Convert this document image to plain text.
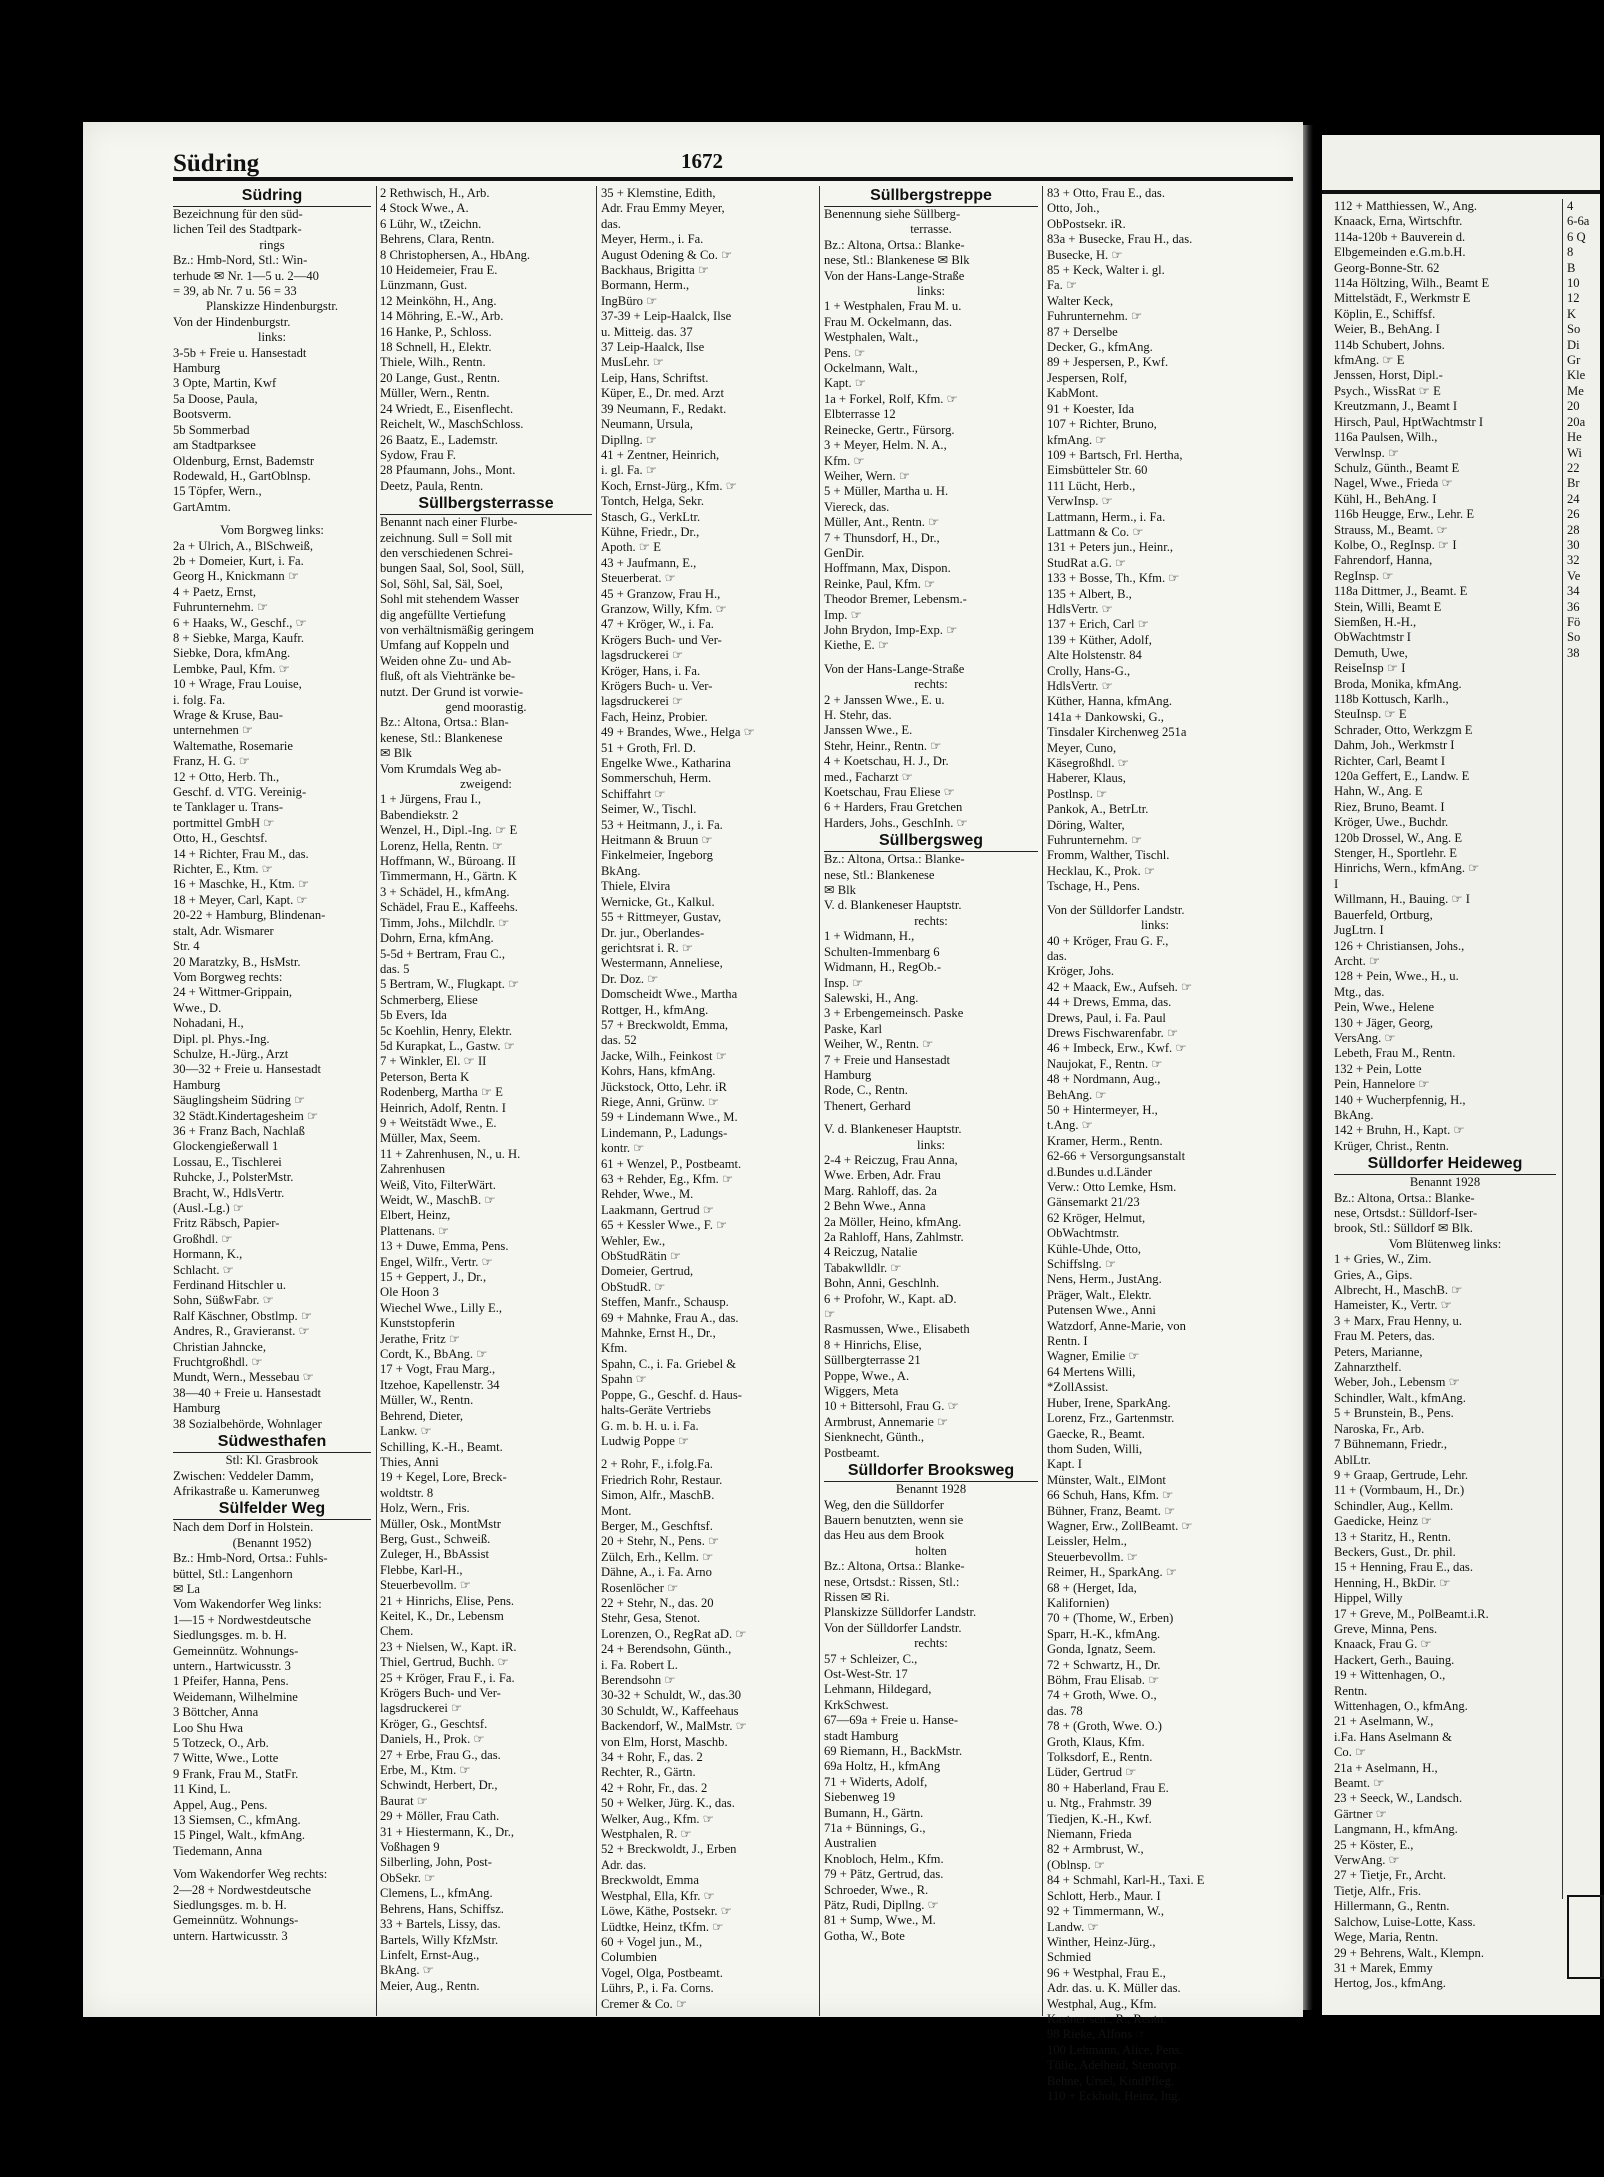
Südring	1672

Südring

Bezeichnung für den süd-

lichen Teil des Stadtpark-

rings

Bz.: Hmb-Nord, Stl.: Win-

terhude ✉ Nr. 1—5 u. 2—40

= 39, ab Nr. 7 u. 56 = 33

Planskizze Hindenburgstr.

Von der Hindenburgstr.

links:

3-5b + Freie u. Hansestadt

Hamburg

3 Opte, Martin, Kwf

5a Doose, Paula,

Bootsverm.

5b Sommerbad

am Stadtparksee

Oldenburg, Ernst, Bademstr

Rodewald, H., GartOblnsp.

15 Töpfer, Wern.,

GartAmtm.

Vom Borgweg links:

2a + Ulrich, A., BlSchweiß,

2b + Domeier, Kurt, i. Fa.

Georg H., Knickmann ☞

4 + Paetz, Ernst,

Fuhrunternehm. ☞

6 + Haaks, W., Geschf., ☞

8 + Siebke, Marga, Kaufr.

Siebke, Dora, kfmAng.

Lembke, Paul, Kfm. ☞

10 + Wrage, Frau Louise,

i. folg. Fa.

Wrage & Kruse, Bau-

unternehmen ☞

Waltemathe, Rosemarie

Franz, H. G. ☞

12 + Otto, Herb. Th.,

Geschf. d. VTG. Vereinig-

te Tanklager u. Trans-

portmittel GmbH ☞

Otto, H., Geschtsf.

14 + Richter, Frau M., das.

Richter, E., Ktm. ☞

16 + Maschke, H., Ktm. ☞

18 + Meyer, Carl, Kapt. ☞

20-22 + Hamburg, Blindenan-

stalt, Adr. Wismarer

Str. 4

20 Maratzky, B., HsMstr.

Vom Borgweg rechts:

24 + Wittmer-Grippain,

Wwe., D.

Nohadani, H.,

Dipl. pl. Phys.-Ing.

Schulze, H.-Jürg., Arzt

30—32 + Freie u. Hansestadt

Hamburg

Säuglingsheim Südring ☞

32 Städt.Kindertagesheim ☞

36 + Franz Bach, Nachlaß

Glockengießerwall 1

Lossau, E., Tischlerei

Ruhcke, J., PolsterMstr.

Bracht, W., HdlsVertr.

(Ausl.-Lg.) ☞

Fritz Räbsch, Papier-

Großhdl. ☞

Hormann, K.,

Schlacht. ☞

Ferdinand Hitschler u.

Sohn, SüßwFabr. ☞

Ralf Käschner, Obstlmp. ☞

Andres, R., Gravieranst. ☞

Christian Jahncke,

Fruchtgroßhdl. ☞

Mundt, Wern., Messebau ☞

38—40 + Freie u. Hansestadt

Hamburg

38 Sozialbehörde, Wohnlager

Südwesthafen

Stl: Kl. Grasbrook

Zwischen: Veddeler Damm,

Afrikastraße u. Kamerunweg

Sülfelder Weg

Nach dem Dorf in Holstein.

(Benannt 1952)

Bz.: Hmb-Nord, Ortsa.: Fuhls-

büttel, Stl.: Langenhorn

✉ La

Vom Wakendorfer Weg links:

1—15 + Nordwestdeutsche

Siedlungsges. m. b. H.

Gemeinnütz. Wohnungs-

untern., Hartwicusstr. 3

1 Pfeifer, Hanna, Pens.

Weidemann, Wilhelmine

3 Böttcher, Anna

Loo Shu Hwa

5 Totzeck, O., Arb.

7 Witte, Wwe., Lotte

9 Frank, Frau M., StatFr.

11 Kind, L.

Appel, Aug., Pens.

13 Siemsen, C., kfmAng.

15 Pingel, Walt., kfmAng.

Tiedemann, Anna

Vom Wakendorfer Weg rechts:

2—28 + Nordwestdeutsche

Siedlungsges. m. b. H.

Gemeinnütz. Wohnungs-

untern. Hartwicusstr. 3

2 Rethwisch, H., Arb.

4 Stock Wwe., A.

6 Lühr, W., tZeichn.

Behrens, Clara, Rentn.

8 Christophersen, A., HbAng.

10 Heidemeier, Frau E.

Lünzmann, Gust.

12 Meinköhn, H., Ang.

14 Möhring, E.-W., Arb.

16 Hanke, P., Schloss.

18 Schnell, H., Elektr.

Thiele, Wilh., Rentn.

20 Lange, Gust., Rentn.

Müller, Wern., Rentn.

24 Wriedt, E., Eisenflecht.

Reichelt, W., MaschSchloss.

26 Baatz, E., Lademstr.

Sydow, Frau F.

28 Pfaumann, Johs., Mont.

Deetz, Paula, Rentn.

Süllbergsterrasse

Benannt nach einer Flurbe-

zeichnung. Sull = Soll mit

den verschiedenen Schrei-

bungen Saal, Sol, Sool, Süll,

Sol, Söhl, Sal, Säl, Soel,

Sohl mit stehendem Wasser

dig angefüllte Vertiefung

von verhältnismäßig geringem

Umfang auf Koppeln und

Weiden ohne Zu- und Ab-

fluß, oft als Viehtränke be-

nutzt. Der Grund ist vorwie-

gend moorastig.

Bz.: Altona, Ortsa.: Blan-

kenese, Stl.: Blankenese

✉ Blk

Vom Krumdals Weg ab-

zweigend:

1 + Jürgens, Frau I.,

Babendiekstr. 2

Wenzel, H., Dipl.-Ing. ☞ E

Lorenz, Hella, Rentn. ☞

Hoffmann, W., Büroang. II

Timmermann, H., Gärtn. K

3 + Schädel, H., kfmAng.

Schädel, Frau E., Kaffeehs.

Timm, Johs., Milchdlr. ☞

Dohrn, Erna, kfmAng.

5-5d + Bertram, Frau C.,

das. 5

5 Bertram, W., Flugkapt. ☞

Schmerberg, Eliese

5b Evers, Ida

5c Koehlin, Henry, Elektr.

5d Kurapkat, L., Gastw. ☞

7 + Winkler, El. ☞ II

Peterson, Berta K

Rodenberg, Martha ☞ E

Heinrich, Adolf, Rentn. I

9 + Weitstädt Wwe., E.

Müller, Max, Seem.

11 + Zahrenhusen, N., u. H.

Zahrenhusen

Weiß, Vito, FilterWärt.

Weidt, W., MaschB. ☞

Elbert, Heinz,

Plattenans. ☞

13 + Duwe, Emma, Pens.

Engel, Wilfr., Vertr. ☞

15 + Geppert, J., Dr.,

Ole Hoon 3

Wiechel Wwe., Lilly E.,

Kunststopferin

Jerathe, Fritz ☞

Cordt, K., BbAng. ☞

17 + Vogt, Frau Marg.,

Itzehoe, Kapellenstr. 34

Müller, W., Rentn.

Behrend, Dieter,

Lankw. ☞

Schilling, K.-H., Beamt.

Thies, Anni

19 + Kegel, Lore, Breck-

woldtstr. 8

Holz, Wern., Fris.

Müller, Osk., MontMstr

Berg, Gust., Schweiß.

Zuleger, H., BbAssist

Flebbe, Karl-H.,

Steuerbevollm. ☞

21 + Hinrichs, Elise, Pens.

Keitel, K., Dr., Lebensm

Chem.

23 + Nielsen, W., Kapt. iR.

Thiel, Gertrud, Buchh. ☞

25 + Kröger, Frau F., i. Fa.

Krögers Buch- und Ver-

lagsdruckerei ☞

Kröger, G., Geschtsf.

Daniels, H., Prok. ☞

27 + Erbe, Frau G., das.

Erbe, M., Ktm. ☞

Schwindt, Herbert, Dr.,

Baurat ☞

29 + Möller, Frau Cath.

31 + Hiestermann, K., Dr.,

Voßhagen 9

Silberling, John, Post-

ObSekr. ☞

Clemens, L., kfmAng.

Behrens, Hans, Schiffsz.

33 + Bartels, Lissy, das.

Bartels, Willy KfzMstr.

Linfelt, Ernst-Aug.,

BkAng. ☞

Meier, Aug., Rentn.

35 + Klemstine, Edith,

Adr. Frau Emmy Meyer,

das.

Meyer, Herm., i. Fa.

August Odening & Co. ☞

Backhaus, Brigitta ☞

Bormann, Herm.,

IngBüro ☞

37-39 + Leip-Haalck, Ilse

u. Mitteig. das. 37

37 Leip-Haalck, Ilse

MusLehr. ☞

Leip, Hans, Schriftst.

Küper, E., Dr. med. Arzt

39 Neumann, F., Redakt.

Neumann, Ursula,

Dipllng. ☞

41 + Zentner, Heinrich,

i. gl. Fa. ☞

Koch, Ernst-Jürg., Kfm. ☞

Tontch, Helga, Sekr.

Stasch, G., VerkLtr.

Kühne, Friedr., Dr.,

Apoth. ☞ E

43 + Jaufmann, E.,

Steuerberat. ☞

45 + Granzow, Frau H.,

Granzow, Willy, Kfm. ☞

47 + Kröger, W., i. Fa.

Krögers Buch- und Ver-

lagsdruckerei ☞

Kröger, Hans, i. Fa.

Krögers Buch- u. Ver-

lagsdruckerei ☞

Fach, Heinz, Probier.

49 + Brandes, Wwe., Helga ☞

51 + Groth, Frl. D.

Engelke Wwe., Katharina

Sommerschuh, Herm.

Schiffahrt ☞

Seimer, W., Tischl.

53 + Heitmann, J., i. Fa.

Heitmann & Bruun ☞

Finkelmeier, Ingeborg

BkAng.

Thiele, Elvira

Wernicke, Gt., Kalkul.

55 + Rittmeyer, Gustav,

Dr. jur., Oberlandes-

gerichtsrat i. R. ☞

Westermann, Anneliese,

Dr. Doz. ☞

Domscheidt Wwe., Martha

Rottger, H., kfmAng.

57 + Breckwoldt, Emma,

das. 52

Jacke, Wilh., Feinkost ☞

Kohrs, Hans, kfmAng.

Jückstock, Otto, Lehr. iR

Riege, Anni, Grünw. ☞

59 + Lindemann Wwe., M.

Lindemann, P., Ladungs-

kontr. ☞

61 + Wenzel, P., Postbeamt.

63 + Rehder, Eg., Kfm. ☞

Rehder, Wwe., M.

Laakmann, Gertrud ☞

65 + Kessler Wwe., F. ☞

Wehler, Ew.,

ObStudRätin ☞

Domeier, Gertrud,

ObStudR. ☞

Steffen, Manfr., Schausp.

69 + Mahnke, Frau A., das.

Mahnke, Ernst H., Dr.,

Kfm.

Spahn, C., i. Fa. Griebel &

Spahn ☞

Poppe, G., Geschf. d. Haus-

halts-Geräte Vertriebs

G. m. b. H. u. i. Fa.

Ludwig Poppe ☞

2 + Rohr, F., i.folg.Fa.

Friedrich Rohr, Restaur.

Simon, Alfr., MaschB.

Mont.

Berger, M., Geschftsf.

20 + Stehr, N., Pens. ☞

Zülch, Erh., Kellm. ☞

Dähne, A., i. Fa. Arno

Rosenlöcher ☞

22 + Stehr, N., das. 20

Stehr, Gesa, Stenot.

Lorenzen, O., RegRat aD. ☞

24 + Berendsohn, Günth.,

i. Fa. Robert L.

Berendsohn ☞

30-32 + Schuldt, W., das.30

30 Schuldt, W., Kaffeehaus

Backendorf, W., MalMstr. ☞

von Elm, Horst, Maschb.

34 + Rohr, F., das. 2

Rechter, R., Gärtn.

42 + Rohr, Fr., das. 2

50 + Welker, Jürg. K., das.

Welker, Aug., Kfm. ☞

Westphalen, R. ☞

52 + Breckwoldt, J., Erben

Adr. das.

Breckwoldt, Emma

Westphal, Ella, Kfr. ☞

Löwe, Käthe, Postsekr. ☞

Lüdtke, Heinz, tKfm. ☞

60 + Vogel jun., M.,

Columbien

Vogel, Olga, Postbeamt.

Lührs, P., i. Fa. Corns.

Cremer & Co. ☞

Süllbergstreppe

Benennung siehe Süllberg-

terrasse.

Bz.: Altona, Ortsa.: Blanke-

nese, Stl.: Blankenese ✉ Blk

Von der Hans-Lange-Straße

links:

1 + Westphalen, Frau M. u.

Frau M. Ockelmann, das.

Westphalen, Walt.,

Pens. ☞

Ockelmann, Walt.,

Kapt. ☞

1a + Forkel, Rolf, Kfm. ☞

Elbterrasse 12

Reinecke, Gertr., Fürsorg.

3 + Meyer, Helm. N. A.,

Kfm. ☞

Weiher, Wern. ☞

5 + Müller, Martha u. H.

Viereck, das.

Müller, Ant., Rentn. ☞

7 + Thunsdorf, H., Dr.,

GenDir.

Hoffmann, Max, Dispon.

Reinke, Paul, Kfm. ☞

Theodor Bremer, Lebensm.-

Imp. ☞

John Brydon, Imp-Exp. ☞

Kiethe, E. ☞

Von der Hans-Lange-Straße

rechts:

2 + Janssen Wwe., E. u.

H. Stehr, das.

Janssen Wwe., E.

Stehr, Heinr., Rentn. ☞

4 + Koetschau, H. J., Dr.

med., Facharzt ☞

Koetschau, Frau Eliese ☞

6 + Harders, Frau Gretchen

Harders, Johs., GeschInh. ☞

Süllbergsweg

Bz.: Altona, Ortsa.: Blanke-

nese, Stl.: Blankenese

✉ Blk

V. d. Blankeneser Hauptstr.

rechts:

1 + Widmann, H.,

Schulten-Immenbarg 6

Widmann, H., RegOb.-

Insp. ☞

Salewski, H., Ang.

3 + Erbengemeinsch. Paske

Paske, Karl

Weiher, W., Rentn. ☞

7 + Freie und Hansestadt

Hamburg

Rode, C., Rentn.

Thenert, Gerhard

V. d. Blankeneser Hauptstr.

links:

2-4 + Reiczug, Frau Anna,

Wwe. Erben, Adr. Frau

Marg. Rahloff, das. 2a

2 Behn Wwe., Anna

2a Möller, Heino, kfmAng.

2a Rahloff, Hans, Zahlmstr.

4 Reiczug, Natalie

Tabakwlldlr. ☞

Bohn, Anni, Geschlnh.

6 + Profohr, W., Kapt. aD.

☞

Rasmussen, Wwe., Elisabeth

8 + Hinrichs, Elise,

Süllbergterrasse 21

Poppe, Wwe., A.

Wiggers, Meta

10 + Bittersohl, Frau G. ☞

Armbrust, Annemarie ☞

Sienknecht, Günth.,

Postbeamt.

Sülldorfer Brooksweg

Benannt 1928

Weg, den die Sülldorfer

Bauern benutzten, wenn sie

das Heu aus dem Brook

holten

Bz.: Altona, Ortsa.: Blanke-

nese, Ortsdst.: Rissen, Stl.:

Rissen ✉ Ri.

Planskizze Sülldorfer Landstr.

Von der Sülldorfer Landstr.

rechts:

57 + Schleizer, C.,

Ost-West-Str. 17

Lehmann, Hildegard,

KrkSchwest.

67—69a + Freie u. Hanse-

stadt Hamburg

69 Riemann, H., BackMstr.

69a Holtz, H., kfmAng

71 + Widerts, Adolf,

Siebenweg 19

Bumann, H., Gärtn.

71a + Bünnings, G.,

Australien

Knobloch, Helm., Kfm.

79 + Pätz, Gertrud, das.

Schroeder, Wwe., R.

Pätz, Rudi, Dipllng. ☞

81 + Sump, Wwe., M.

Gotha, W., Bote

83 + Otto, Frau E., das.

Otto, Joh.,

ObPostsekr. iR.

83a + Busecke, Frau H., das.

Busecke, H. ☞

85 + Keck, Walter i. gl.

Fa. ☞

Walter Keck,

Fuhrunternehm. ☞

87 + Derselbe

Decker, G., kfmAng.

89 + Jespersen, P., Kwf.

Jespersen, Rolf,

KabMont.

91 + Koester, Ida

107 + Richter, Bruno,

kfmAng. ☞

109 + Bartsch, Frl. Hertha,

Eimsbütteler Str. 60

111 Lücht, Herb.,

VerwInsp. ☞

Lattmann, Herm., i. Fa.

Lattmann & Co. ☞

131 + Peters jun., Heinr.,

StudRat a.G. ☞

133 + Bosse, Th., Kfm. ☞

135 + Albert, B.,

HdlsVertr. ☞

137 + Erich, Carl ☞

139 + Küther, Adolf,

Alte Holstenstr. 84

Crolly, Hans-G.,

HdlsVertr. ☞

Küther, Hanna, kfmAng.

141a + Dankowski, G.,

Tinsdaler Kirchenweg 251a

Meyer, Cuno,

Käsegroßhdl. ☞

Haberer, Klaus,

Postlnsp. ☞

Pankok, A., BetrLtr.

Döring, Walter,

Fuhrunternehm. ☞

Fromm, Walther, Tischl.

Hecklau, K., Prok. ☞

Tschage, H., Pens.

Von der Sülldorfer Landstr.

links:

40 + Kröger, Frau G. F.,

das.

Kröger, Johs.

42 + Maack, Ew., Aufseh. ☞

44 + Drews, Emma, das.

Drews, Paul, i. Fa. Paul

Drews Fischwarenfabr. ☞

46 + Imbeck, Erw., Kwf. ☞

Naujokat, F., Rentn. ☞

48 + Nordmann, Aug.,

BehAng. ☞

50 + Hintermeyer, H.,

t.Ang. ☞

Kramer, Herm., Rentn.

62-66 + Versorgungsanstalt

d.Bundes u.d.Länder

Verw.: Otto Lemke, Hsm.

Gänsemarkt 21/23

62 Kröger, Helmut,

ObWachtmstr.

Kühle-Uhde, Otto,

Schiffslng. ☞

Nens, Herm., JustAng.

Präger, Walt., Elektr.

Putensen Wwe., Anni

Watzdorf, Anne-Marie, von

Rentn. I

Wagner, Emilie ☞

64 Mertens Willi,

*ZollAssist.

Huber, Irene, SparkAng.

Lorenz, Frz., Gartenmstr.

Gaecke, R., Beamt.

thom Suden, Willi,

Kapt. I

Münster, Walt., ElMont

66 Schuh, Hans, Kfm. ☞

Bühner, Franz, Beamt. ☞

Wagner, Erw., ZollBeamt. ☞

Leissler, Helm.,

Steuerbevollm. ☞

Reimer, H., SparkAng. ☞

68 + (Herget, Ida,

Kalifornien)

70 + (Thome, W., Erben)

Sparr, H.-K., kfmAng.

Gonda, Ignatz, Seem.

72 + Schwartz, H., Dr.

Böhm, Frau Elisab. ☞

74 + Groth, Wwe. O.,

das. 78

78 + (Groth, Wwe. O.)

Groth, Klaus, Kfm.

Tolksdorf, E., Rentn.

Lüder, Gertrud ☞

80 + Haberland, Frau E.

u. Ntg., Frahmstr. 39

Tiedjen, K.-H., Kwf.

Niemann, Frieda

82 + Armbrust, W.,

(Oblnsp. ☞

84 + Schmahl, Karl-H., Taxi. E

Schlott, Herb., Maur. I

92 + Timmermann, W.,

Landw. ☞

Winther, Heinz-Jürg.,

Schmied

96 + Westphal, Frau E.,

Adr. das. u. K. Müller das.

Westphal, Aug., Kfm.

Kastner sen., R., Rentn.

98 Rieke, Alfons ☞

100 Lehmann, Alice, Pens.

Tölle, Adelheid, Stenotyp.

Behne, Ursel, KindPfleg.

110 + Eckholt, Heinz, Ing.

112 + Matthiessen, W., Ang.

Knaack, Erna, Wirtschftr.

114a-120b + Bauverein d.

Elbgemeinden e.G.m.b.H.

Georg-Bonne-Str. 62

114a Höltzing, Wilh., Beamt E

Mittelstädt, F., Werkmstr E

Köplin, E., Schiffsf.

Weier, B., BehAng. I

114b Schubert, Johns.

kfmAng. ☞ E

Jenssen, Horst, Dipl.-

Psych., WissRat ☞ E

Kreutzmann, J., Beamt I

Hirsch, Paul, HptWachtmstr I

116a Paulsen, Wilh.,

Verwlnsp. ☞

Schulz, Günth., Beamt E

Nagel, Wwe., Frieda ☞

Kühl, H., BehAng. I

116b Heugge, Erw., Lehr. E

Strauss, M., Beamt. ☞

Kolbe, O., RegInsp. ☞ I

Fahrendorf, Hanna,

RegInsp. ☞

118a Dittmer, J., Beamt. E

Stein, Willi, Beamt E

Siemßen, H.-H.,

ObWachtmstr I

Demuth, Uwe,

ReiseInsp ☞ I

Broda, Monika, kfmAng.

118b Kottusch, Karlh.,

SteuInsp. ☞ E

Schrader, Otto, Werkzgm E

Dahm, Joh., Werkmstr I

Richter, Carl, Beamt I

120a Geffert, E., Landw. E

Hahn, W., Ang. E

Riez, Bruno, Beamt. I

Kröger, Uwe., Buchdr.

120b Drossel, W., Ang. E

Stenger, H., Sportlehr. E

Hinrichs, Wern., kfmAng. ☞

I

Willmann, H., Bauing. ☞ I

Bauerfeld, Ortburg,

JugLtrn. I

126 + Christiansen, Johs.,

Archt. ☞

128 + Pein, Wwe., H., u.

Mtg., das.

Pein, Wwe., Helene

130 + Jäger, Georg,

VersAng. ☞

Lebeth, Frau M., Rentn.

132 + Pein, Lotte

Pein, Hannelore ☞

140 + Wucherpfennig, H.,

BkAng.

142 + Bruhn, H., Kapt. ☞

Krüger, Christ., Rentn.

Sülldorfer Heideweg

Benannt 1928

Bz.: Altona, Ortsa.: Blanke-

nese, Ortsdst.: Sülldorf-Iser-

brook, Stl.: Sülldorf ✉ Blk.

Vom Blütenweg links:

1 + Gries, W., Zim.

Gries, A., Gips.

Albrecht, H., MaschB. ☞

Hameister, K., Vertr. ☞

3 + Marx, Frau Henny, u.

Frau M. Peters, das.

Peters, Marianne,

Zahnarzthelf.

Weber, Joh., Lebensm ☞

Schindler, Walt., kfmAng.

5 + Brunstein, B., Pens.

Naroska, Fr., Arb.

7 Bühnemann, Friedr.,

AblLtr.

9 + Graap, Gertrude, Lehr.

11 + (Vormbaum, H., Dr.)

Schindler, Aug., Kellm.

Gaedicke, Heinz ☞

13 + Staritz, H., Rentn.

Beckers, Gust., Dr. phil.

15 + Henning, Frau E., das.

Henning, H., BkDir. ☞

Hippel, Willy

17 + Greve, M., PolBeamt.i.R.

Greve, Minna, Pens.

Knaack, Frau G. ☞

Hackert, Gerh., Bauing.

19 + Wittenhagen, O.,

Rentn.

Wittenhagen, O., kfmAng.

21 + Aselmann, W.,

i.Fa. Hans Aselmann &

Co. ☞

21a + Aselmann, H.,

Beamt. ☞

23 + Seeck, W., Landsch.

Gärtner ☞

Langmann, H., kfmAng.

25 + Köster, E.,

VerwAng. ☞

27 + Tietje, Fr., Archt.

Tietje, Alfr., Fris.

Hillermann, G., Rentn.

Salchow, Luise-Lotte, Kass.

Wege, Maria, Rentn.

29 + Behrens, Walt., Klempn.

31 + Marek, Emmy

Hertog, Jos., kfmAng.

4

6-6a

6 Q

8

B

10

12

K

So

Di

Gr

Kle

Me

20

20a

He

Wi

22

Br

24

26

28

30

32

Ve

34

36

Fö

So

38
